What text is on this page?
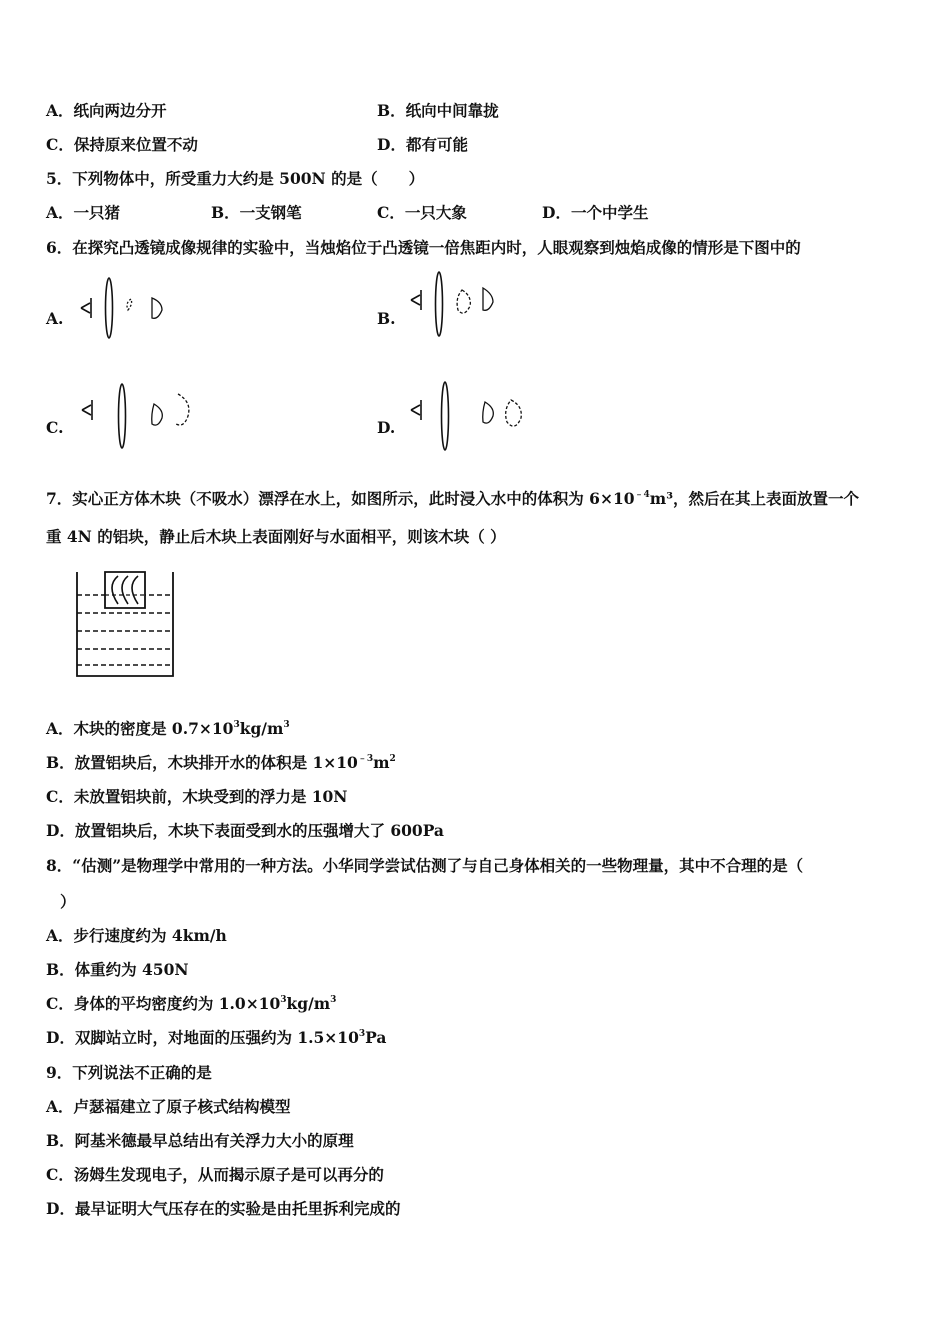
A．纸向两边分开	B．纸向中间靠拢
C．保持原来位置不动	D．都有可能
5．下列物体中，所受重力大约是 500N 的是（　　）
A．一只猪	B．一支钢笔	C．一只大象	D．一个中学生
6．在探究凸透镜成像规律的实验中，当烛焰位于凸透镜一倍焦距内时，人眼观察到烛焰成像的情形是下图中的
A.	B.
C.	D.
7．实心正方体木块（不吸水）漂浮在水上，如图所示，此时浸入水中的体积为 $6\times 10^{﹣4}m^3$，然后在其上表面放置一个
重 4N 的铝块，静止后木块上表面刚好与水面相平，则该木块（ ）
A．木块的密度是 $0.7\times 10^3kg/m^3$
B．放置铝块后，木块排开水的体积是 $1\times 10^{﹣3}m^2$
C．未放置铝块前，木块受到的浮力是 10N
D．放置铝块后，木块下表面受到水的压强增大了 600Pa
8．“估测”是物理学中常用的一种方法。小华同学尝试估测了与自己身体相关的一些物理量，其中不合理的是（
）
A．步行速度约为 4km/h
B．体重约为 450N
C．身体的平均密度约为 $1.0\times 10^3kg/m^3$
D．双脚站立时，对地面的压强约为 $1.5\times 10^3Pa$
9．下列说法不正确的是
A．卢瑟福建立了原子核式结构模型
B．阿基米德最早总结出有关浮力大小的原理
C．汤姆生发现电子，从而揭示原子是可以再分的
D．最早证明大气压存在的实验是由托里拆利完成的
